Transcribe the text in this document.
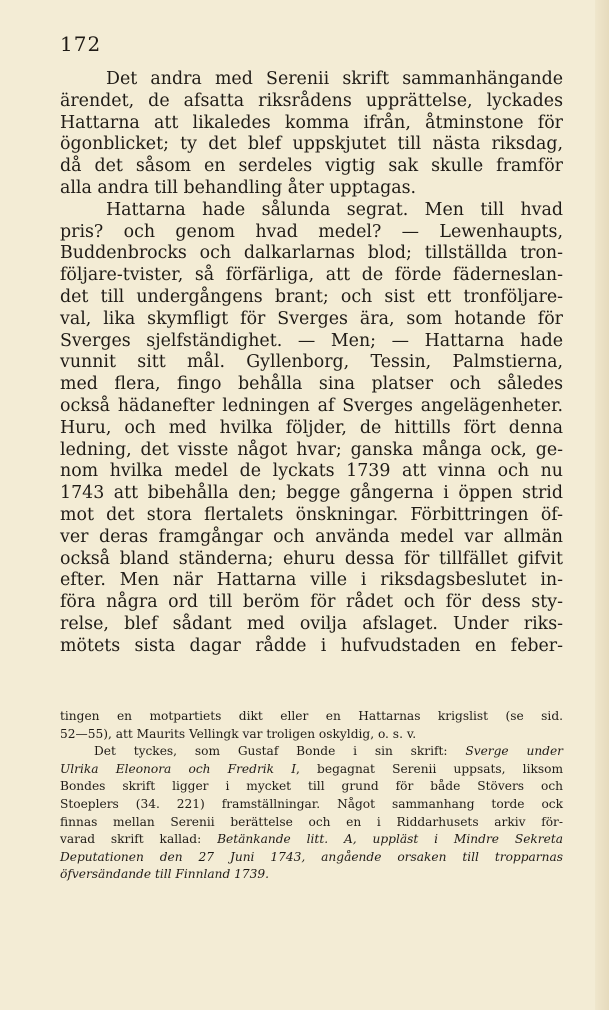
172
Det andra med Serenii skrift sammanhängande
ärendet, de afsatta riksrådens upprättelse, lyckades
Hattarna att likaledes komma ifrån, åtminstone för
ögonblicket; ty det blef uppskjutet till nästa riksdag,
då det såsom en serdeles vigtig sak skulle framför
alla andra till behandling åter upptagas.
Hattarna hade sålunda segrat. Men till hvad
pris? och genom hvad medel? — Lewenhaupts,
Buddenbrocks och dalkarlarnas blod; tillställda tron-
följare-tvister, så förfärliga, att de förde fäderneslan-
det till undergångens brant; och sist ett tronföljare-
val, lika skymfligt för Sverges ära, som hotande för
Sverges sjelfständighet. — Men; — Hattarna hade
vunnit sitt mål. Gyllenborg, Tessin, Palmstierna,
med flera, fingo behålla sina platser och således
också hädanefter ledningen af Sverges angelägenheter.
Huru, och med hvilka följder, de hittills fört denna
ledning, det visste något hvar; ganska många ock, ge-
nom hvilka medel de lyckats 1739 att vinna och nu
1743 att bibehålla den; begge gångerna i öppen strid
mot det stora flertalets önskningar. Förbittringen öf-
ver deras framgångar och använda medel var allmän
också bland ständerna; ehuru dessa för tillfället gifvit
efter. Men när Hattarna ville i riksdagsbeslutet in-
föra några ord till beröm för rådet och för dess sty-
relse, blef sådant med ovilja afslaget. Under riks-
mötets sista dagar rådde i hufvudstaden en feber-
tingen en motpartiets dikt eller en Hattarnas krigslist (se sid.
52—55), att Maurits Vellingk var troligen oskyldig, o. s. v.
Det tyckes, som Gustaf Bonde i sin skrift: Sverge under
Ulrika Eleonora och Fredrik I, begagnat Serenii uppsats, liksom
Bondes skrift ligger i mycket till grund för både Stövers och
Stoeplers (34. 221) framställningar. Något sammanhang torde ock
finnas mellan Serenii berättelse och en i Riddarhusets arkiv för-
varad skrift kallad: Betänkande litt. A, uppläst i Mindre Sekreta
Deputationen den 27 Juni 1743, angående orsaken till tropparnas
öfversändande till Finnland 1739.
